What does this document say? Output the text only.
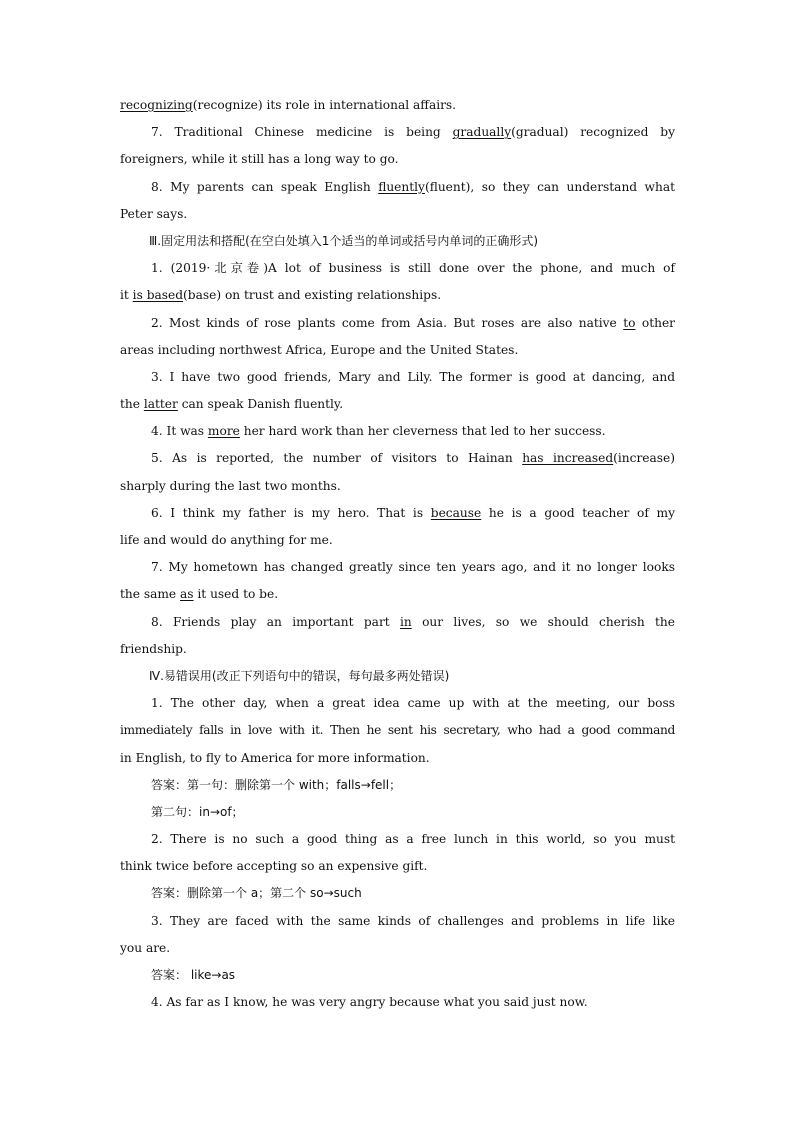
recognizing(recognize) its role in international affairs.
7. Traditional Chinese medicine is being gradually(gradual) recognized by
foreigners, while it still has a long way to go.
8. My parents can speak English fluently(fluent), so they can understand what
Peter says.
Ⅲ.固定用法和搭配(在空白处填入1个适当的单词或括号内单词的正确形式)
1. (2019·北京卷)A lot of business is still done over the phone, and much of
it is based(base) on trust and existing relationships.
2. Most kinds of rose plants come from Asia. But roses are also native to other
areas including northwest Africa, Europe and the United States.
3. I have two good friends, Mary and Lily. The former is good at dancing, and
the latter can speak Danish fluently.
4. It was more her hard work than her cleverness that led to her success.
5. As is reported, the number of visitors to Hainan has increased(increase)
sharply during the last two months.
6. I think my father is my hero. That is because he is a good teacher of my
life and would do anything for me.
7. My hometown has changed greatly since ten years ago, and it no longer looks
the same as it used to be.
8. Friends play an important part in our lives, so we should cherish the
friendship.
Ⅳ.易错误用(改正下列语句中的错误，每句最多两处错误)
1. The other day, when a great idea came up with at the meeting, our boss
immediately falls in love with it. Then he sent his secretary, who had a good command
in English, to fly to America for more information.
答案：第一句：删除第一个 with；falls→fell；
第二句：in→of；
2. There is no such a good thing as a free lunch in this world, so you must
think twice before accepting so an expensive gift.
答案：删除第一个 a；第二个 so→such
3. They are faced with the same kinds of challenges and problems in life like
you are.
答案： like→as
4. As far as I know, he was very angry because what you said just now.
